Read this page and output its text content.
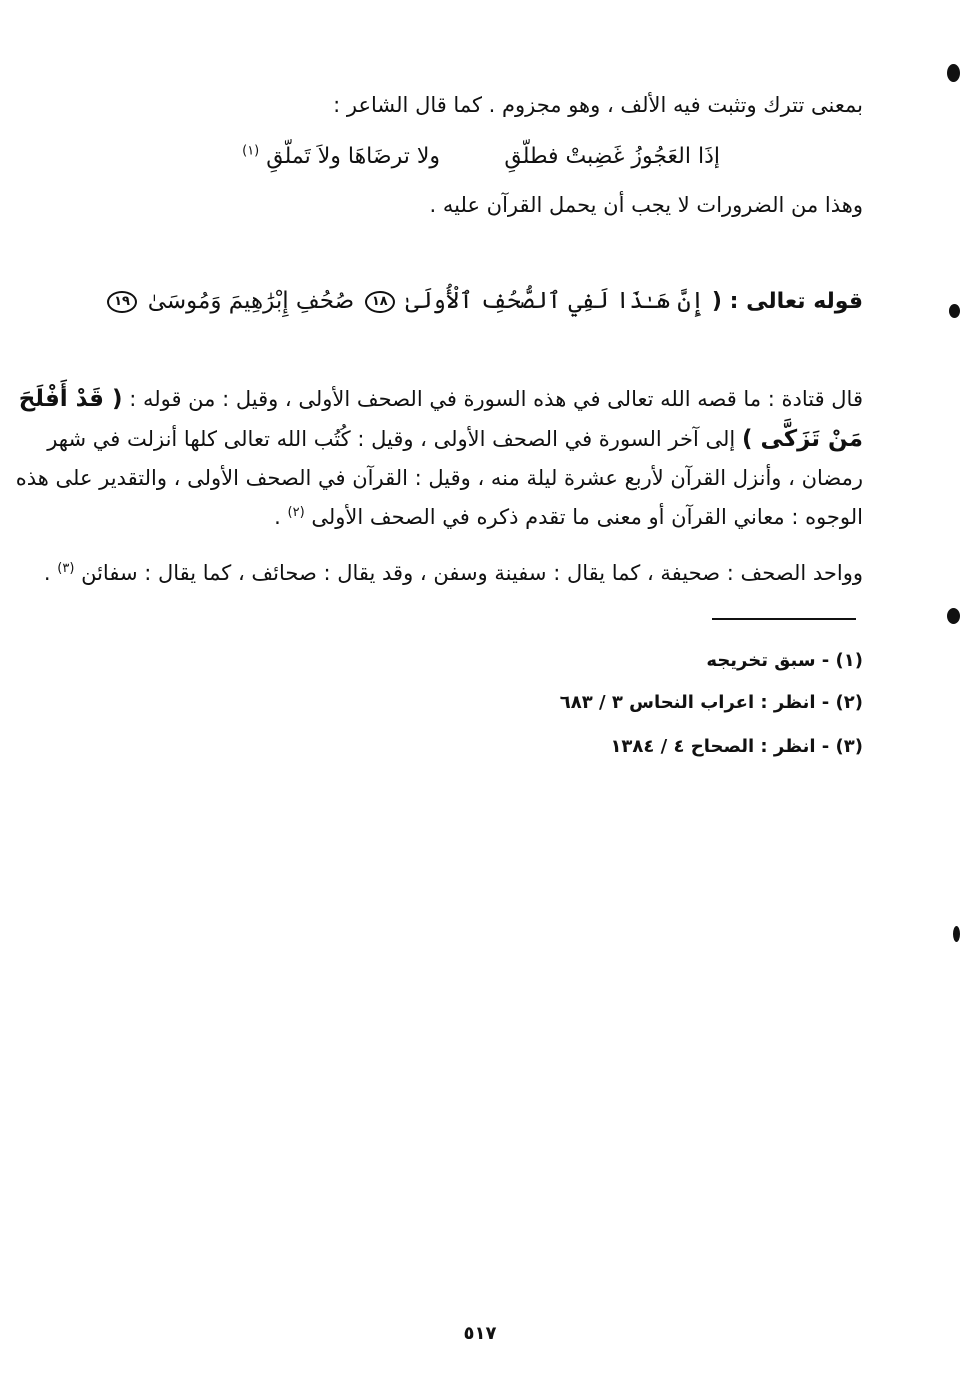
بمعنى تترك وتثبت فيه الألف ، وهو مجزوم . كما قال الشاعر :
إذَا العَجُوزُ غَضِبتْ فطلّقِ
ولا ترضَاهَا ولاَ تَملّقِ $^{(١)}$
وهذا من الضرورات لا يجب أن يحمل القرآن عليه .
قوله تعالى : ( إِنَّ هَـٰذَا لَفِي ٱلصُّحُفِ ٱلْأُولَىٰ ١٨ صُحُفِ إِبْرَٰهِيمَ وَمُوسَىٰ ١٩
قال قتادة : ما قصه الله تعالى في هذه السورة في الصحف الأولى ، وقيل : من قوله : ( قَدْ أَفْلَحَ
مَنْ تَزَكَّى ) إلى آخر السورة في الصحف الأولى ، وقيل : كُتُب الله تعالى كلها أنزلت في شهر
رمضان ، وأنزل القرآن لأربع عشرة ليلة منه ، وقيل : القرآن في الصحف الأولى ، والتقدير على هذه
الوجوه : معاني القرآن أو معنى ما تقدم ذكره في الصحف الأولى $^{(٢)}$ .
وواحد الصحف : صحيفة ، كما يقال : سفينة وسفن ، وقد يقال : صحائف ، كما يقال : سفائن $^{(٣)}$ .
(١) - سبق تخريجه
(٢) - انظر : اعراب النحاس ٣ / ٦٨٣
(٣) - انظر : الصحاح ٤ / ١٣٨٤
٥١٧
